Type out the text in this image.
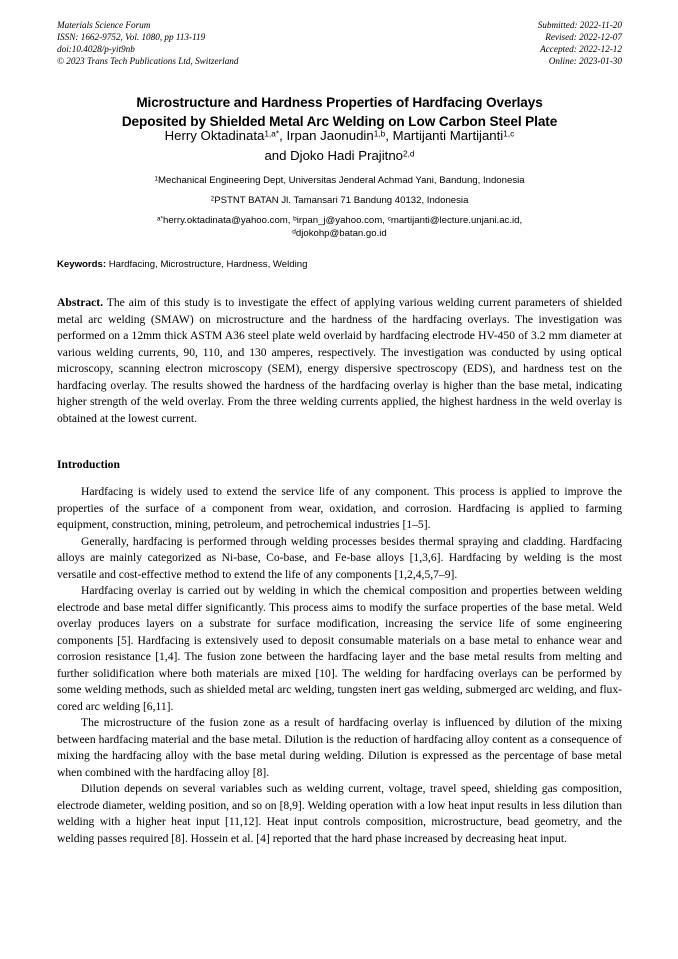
Materials Science Forum	Submitted: 2022-11-20
ISSN: 1662-9752, Vol. 1080, pp 113-119	Revised: 2022-12-07
doi:10.4028/p-yit9nb	Accepted: 2022-12-12
© 2023 Trans Tech Publications Ltd, Switzerland	Online: 2023-01-30
Microstructure and Hardness Properties of Hardfacing Overlays
Deposited by Shielded Metal Arc Welding on Low Carbon Steel Plate
Herry Oktadinata$^{1,a*}$, Irpan Jaonudin$^{1,b}$, Martijanti Martijanti$^{1,c}$
and Djoko Hadi Prajitno$^{2,d}$
$^1$Mechanical Engineering Dept, Universitas Jenderal Achmad Yani, Bandung, Indonesia
$^2$PSTNT BATAN Jl. Tamansari 71 Bandung 40132, Indonesia
$^{a*}$herry.oktadinata@yahoo.com, $^b$irpan_j@yahoo.com, $^c$martijanti@lecture.unjani.ac.id,
$^d$djokohp@batan.go.id
Keywords: Hardfacing, Microstructure, Hardness, Welding
Abstract. The aim of this study is to investigate the effect of applying various welding current parameters of shielded metal arc welding (SMAW) on microstructure and the hardness of the hardfacing overlays. The investigation was performed on a 12mm thick ASTM A36 steel plate weld overlaid by hardfacing electrode HV-450 of 3.2 mm diameter at various welding currents, 90, 110, and 130 amperes, respectively. The investigation was conducted by using optical microscopy, scanning electron microscopy (SEM), energy dispersive spectroscopy (EDS), and hardness test on the hardfacing overlay. The results showed the hardness of the hardfacing overlay is higher than the base metal, indicating higher strength of the weld overlay. From the three welding currents applied, the highest hardness in the weld overlay is obtained at the lowest current.
Introduction

Hardfacing is widely used to extend the service life of any component. This process is applied to improve the properties of the surface of a component from wear, oxidation, and corrosion. Hardfacing is applied to farming equipment, construction, mining, petroleum, and petrochemical industries [1–5].

Generally, hardfacing is performed through welding processes besides thermal spraying and cladding. Hardfacing alloys are mainly categorized as Ni-base, Co-base, and Fe-base alloys [1,3,6]. Hardfacing by welding is the most versatile and cost-effective method to extend the life of any components [1,2,4,5,7–9].

Hardfacing overlay is carried out by welding in which the chemical composition and properties between welding electrode and base metal differ significantly. This process aims to modify the surface properties of the base metal. Weld overlay produces layers on a substrate for surface modification, increasing the service life of some engineering components [5]. Hardfacing is extensively used to deposit consumable materials on a base metal to enhance wear and corrosion resistance [1,4]. The fusion zone between the hardfacing layer and the base metal results from melting and further solidification where both materials are mixed [10]. The welding for hardfacing overlays can be performed by some welding methods, such as shielded metal arc welding, tungsten inert gas welding, submerged arc welding, and flux-cored arc welding [6,11].

The microstructure of the fusion zone as a result of hardfacing overlay is influenced by dilution of the mixing between hardfacing material and the base metal. Dilution is the reduction of hardfacing alloy content as a consequence of mixing the hardfacing alloy with the base metal during welding. Dilution is expressed as the percentage of base metal when combined with the hardfacing alloy [8].

Dilution depends on several variables such as welding current, voltage, travel speed, shielding gas composition, electrode diameter, welding position, and so on [8,9]. Welding operation with a low heat input results in less dilution than welding with a higher heat input [11,12]. Heat input controls composition, microstructure, bead geometry, and the welding passes required [8]. Hossein et al. [4] reported that the hard phase increased by decreasing heat input.
